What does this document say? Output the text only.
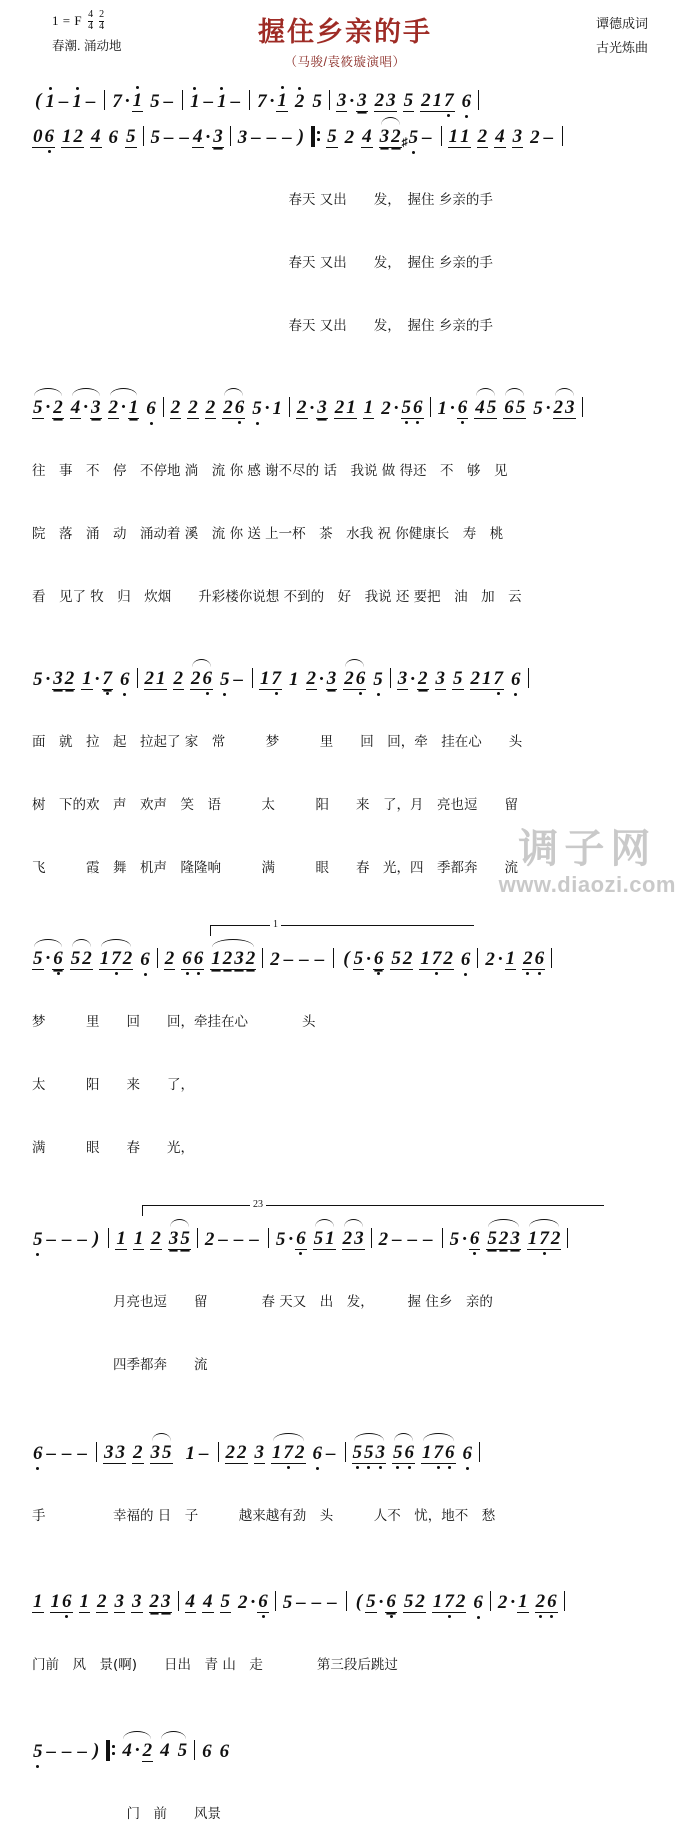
1 = F $\frac{4}{4} \frac{2}{4}$
春潮. 涌动地	握住乡亲的手
（马骏/袁筱璇演唱）
谭德成词
古光炼曲
( 1 – 1 – 7 · 1 5 – 1 – 1 – 7 · 1 2 5 3 · 3 2 3 5 2 1 7 6
0 6 1 2 4 6 5 5 – – 4 · 3 3 – – – ) 5 2 4 3 2 ♯ 5 – 1 1 2 4 3 2 –

　　　　　　　　　　　　　　　　　　　春天 又出　　发，　握住 乡亲的手

　　　　　　　　　　　　　　　　　　　春天 又出　　发，　握住 乡亲的手

　　　　　　　　　　　　　　　　　　　春天 又出　　发，　握住 乡亲的手

5 · 2 4 · 3 2 · 1 6 2 2 2 2 6 5 · 1 2 · 3 2 1 1 2 · 5 6 1 · 6 4 5 6 5 5 · 2 3

往　事　不　停　不停地 淌　流 你 感 谢不尽的 话　我说 做 得还　不　够　见

院　落　涌　动　涌动着 溪　流 你 送 上一杯　茶　水我 祝 你健康长　寿　桃

看　见了 牧　归　炊烟　　升彩楼你说想 不到的　好　我说 还 要把　油　加　云

5 · 3 2 1 · 7 6 2 1 2 2 6 5 – 1 7 1 2 · 3 2 6 5 3 · 2 3 5 2 1 7 6

面　就　拉　起　拉起了 家　常　　　梦　　　里　　回　回，牵　挂在心　　头

树　下的欢　声　欢声　笑　语　　　太　　　阳　　来　了，月　亮也逗　　留

飞　　　霞　舞　机声　隆隆响　　　满　　　眼　　春　光，四　季都奔　　流

1
5 · 6 5 2 1 7 2 6 2 6 6 1 2 3 2 2 – – – ( 5 · 6 5 2 1 7 2 6 2 · 1 2 6

梦　　　里　　回　　回，牵挂在心　　　　头

太　　　阳　　来　　了，

满　　　眼　　春　　光，

23
5 – – – ) 1 1 2 3 5 2 – – – 5 · 6 5 1 2 3 2 – – – 5 · 6 5 2 3 1 7 2

　　　　　　月亮也逗　　留　　　　春 天又　出　发，　　　握 住乡　亲的

　　　　　　四季都奔　　流

6 – – – 3 3 2 3 5 1 – 2 2 3 1 7 2 6 – 5 5 3 5 6 1 7 6 6

手　　　　　幸福的 日　子　　　越来越有劲　头　　　人不　忧，地不　愁

1 1 6 1 2 3 3 2 3 4 4 5 2 · 6 5 – – – ( 5 · 6 5 2 1 7 2 6 2 · 1 2 6

门前　风　景(啊)　　日出　青 山　走　　　　第三段后跳过

5 – – – ) 4 · 2 4 5 6 6

　　　　　　　门　前　　风景

调子网
www.diaozi.com
